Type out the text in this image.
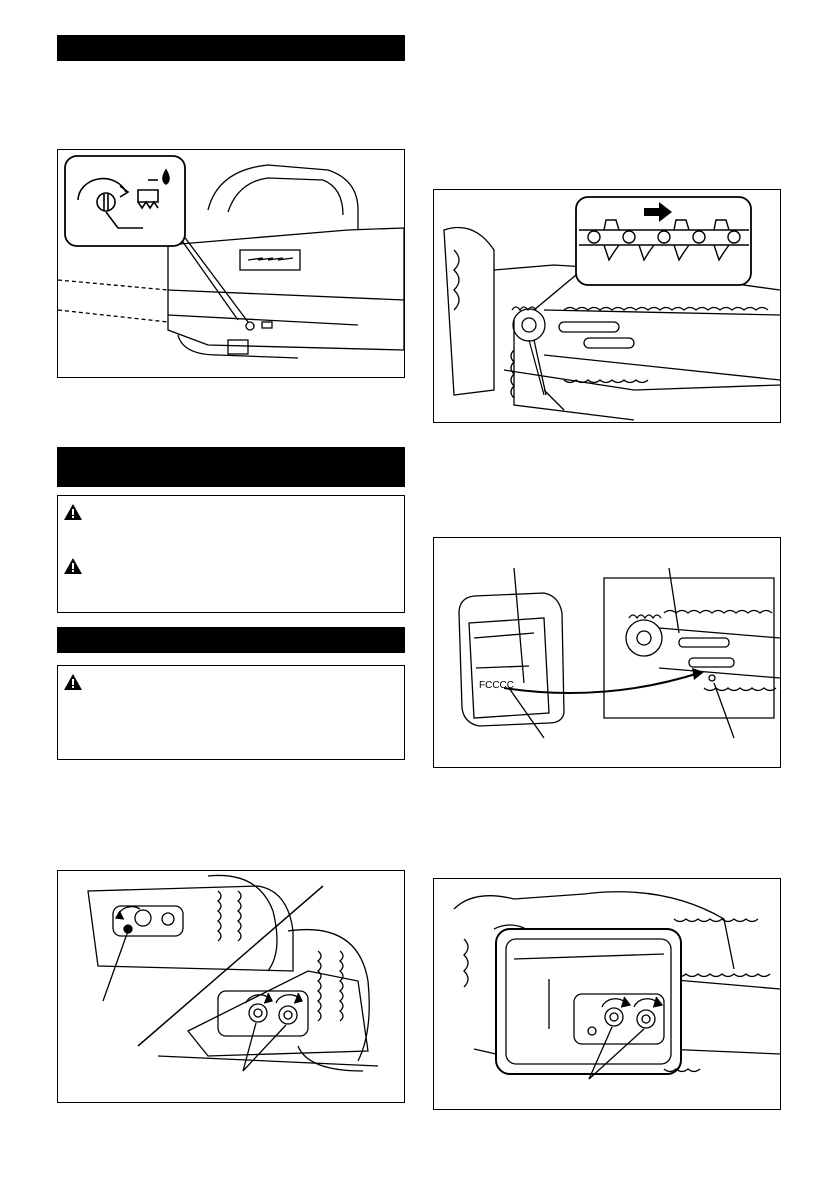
FCCCC
